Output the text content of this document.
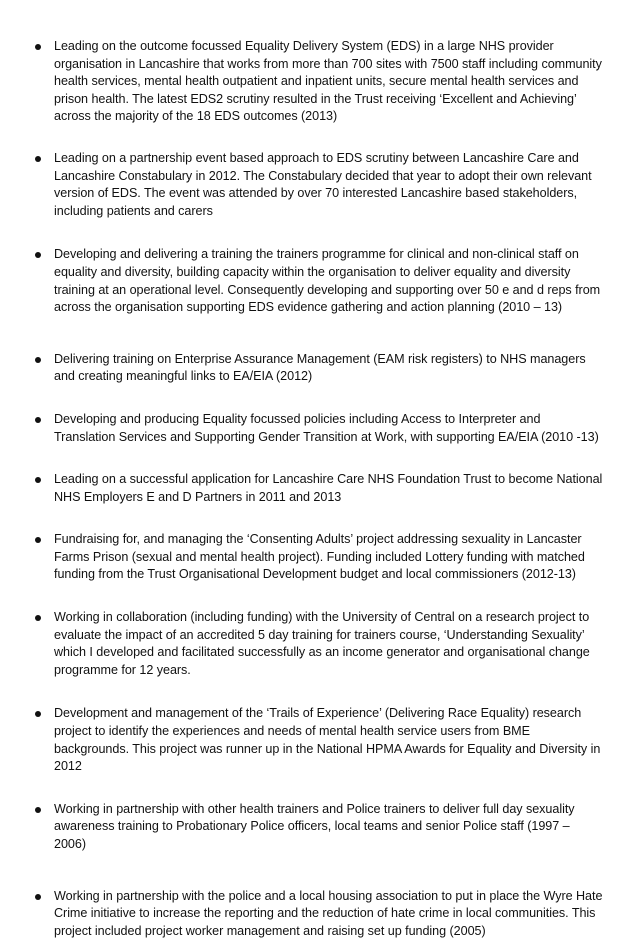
Leading on the outcome focussed Equality Delivery System (EDS) in a large NHS provider organisation in Lancashire that works from more than 700 sites with 7500 staff including community health services, mental health outpatient and inpatient units, secure mental health services and prison health. The latest EDS2 scrutiny resulted in the Trust receiving ‘Excellent and Achieving’ across the majority of the 18 EDS outcomes (2013)
Leading on a partnership event based approach to EDS scrutiny between Lancashire Care and Lancashire Constabulary in 2012. The Constabulary decided that year to adopt their own relevant version of EDS. The event was attended by over 70 interested Lancashire based stakeholders, including patients and carers
Developing and delivering a training the trainers programme for clinical and non-clinical staff on equality and diversity, building capacity within the organisation to deliver equality and diversity training at an operational level. Consequently developing and supporting over 50 e and d reps from across the organisation supporting EDS evidence gathering and action planning (2010 – 13)
Delivering training on Enterprise Assurance Management (EAM risk registers) to NHS managers and creating meaningful links to EA/EIA (2012)
Developing and producing Equality focussed policies including Access to Interpreter and Translation Services and Supporting Gender Transition at Work, with supporting EA/EIA (2010 -13)
Leading on a successful application for Lancashire Care NHS Foundation Trust to become National NHS Employers E and D Partners in 2011 and 2013
Fundraising for, and managing the ‘Consenting Adults’ project addressing sexuality in Lancaster Farms Prison (sexual and mental health project). Funding included Lottery funding with matched funding from the Trust Organisational Development budget and local commissioners (2012-13)
Working in collaboration (including funding) with the University of Central on a research project to evaluate the impact of an accredited 5 day training for trainers course, ‘Understanding Sexuality’ which I developed and facilitated successfully as an income generator and organisational change programme for 12 years.
Development and management of the ‘Trails of Experience’ (Delivering Race Equality) research project to identify the experiences and needs of mental health service users from BME backgrounds. This project was runner up in the National HPMA Awards for Equality and Diversity in 2012
Working in partnership with other health trainers and Police trainers to deliver full day sexuality awareness training to Probationary Police officers, local teams and senior Police staff (1997 – 2006)
Working in partnership with the police and a local housing association to put in place the Wyre Hate Crime initiative to increase the reporting and the reduction of hate crime in local communities. This project included project worker management and raising set up funding (2005)
